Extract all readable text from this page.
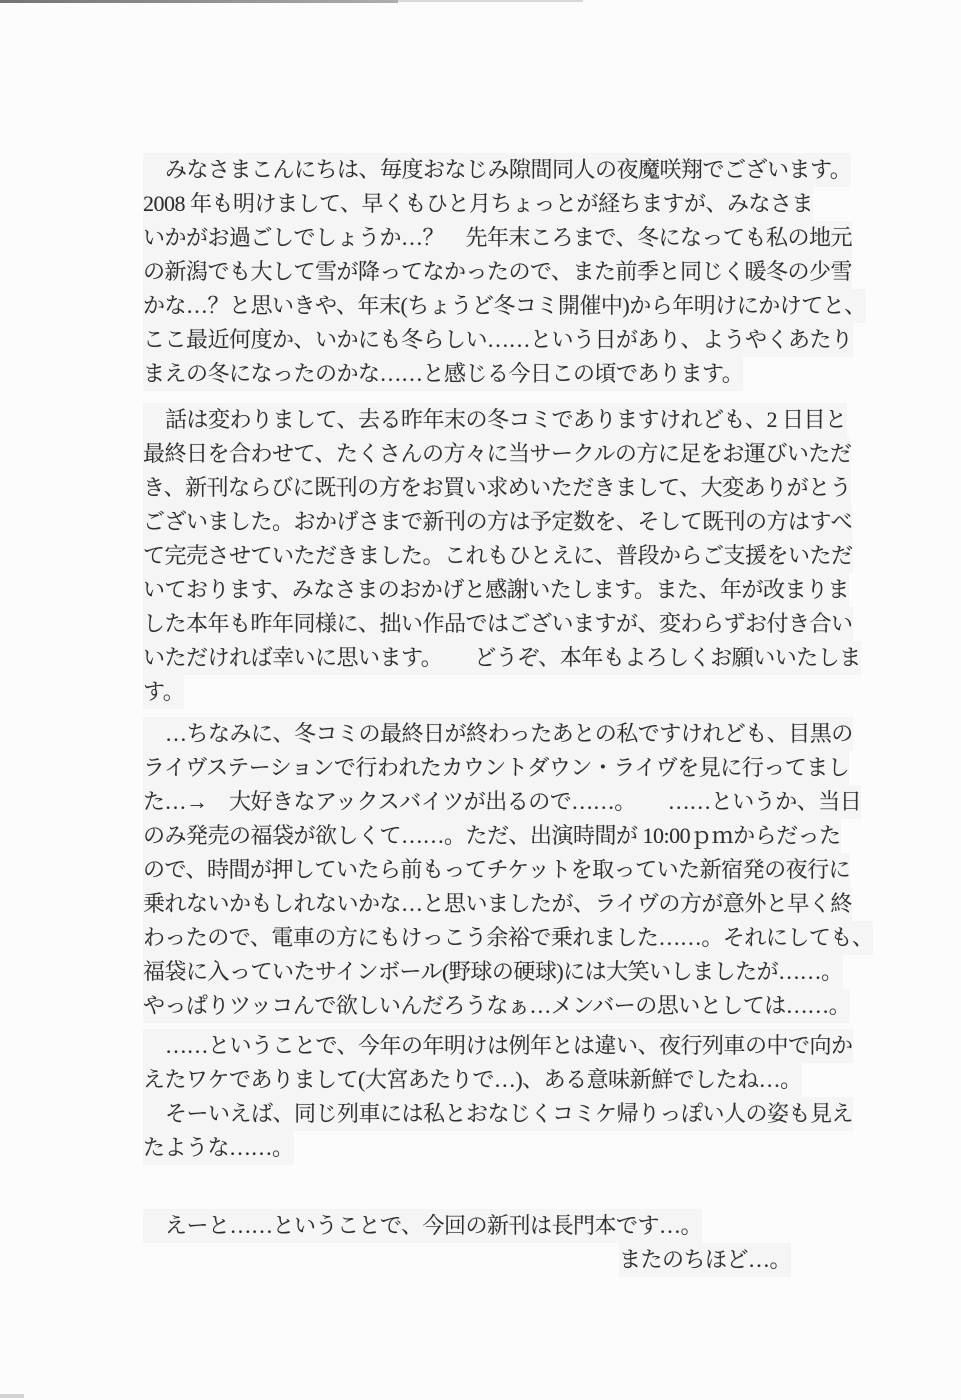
みなさまこんにちは、毎度おなじみ隙間同人の夜魔咲翔でございます。
2008 年も明けまして、早くもひと月ちょっとが経ちますが、みなさま
いかがお過ごしでしょうか…？　先年末ころまで、冬になっても私の地元
の新潟でも大して雪が降ってなかったので、また前季と同じく暖冬の少雪
かな…？と思いきや、年末(ちょうど冬コミ開催中)から年明けにかけてと、
ここ最近何度か、いかにも冬らしい……という日があり、ようやくあたり
まえの冬になったのかな……と感じる今日この頃であります。
話は変わりまして、去る昨年末の冬コミでありますけれども、2 日目と
最終日を合わせて、たくさんの方々に当サークルの方に足をお運びいただ
き、新刊ならびに既刊の方をお買い求めいただきまして、大変ありがとう
ございました。おかげさまで新刊の方は予定数を、そして既刊の方はすべ
て完売させていただきました。これもひとえに、普段からご支援をいただ
いております、みなさまのおかげと感謝いたします。また、年が改まりま
した本年も昨年同様に、拙い作品ではございますが、変わらずお付き合い
いただければ幸いに思います。　　どうぞ、本年もよろしくお願いいたしま
す。
…ちなみに、冬コミの最終日が終わったあとの私ですけれども、目黒の
ライヴステーションで行われたカウントダウン・ライヴを見に行ってまし
た…→　大好きなアックスバイツが出るので……。　　……というか、当日
のみ発売の福袋が欲しくて……。ただ、出演時間が 10:00ｐｍからだった
ので、時間が押していたら前もってチケットを取っていた新宿発の夜行に
乗れないかもしれないかな…と思いましたが、ライヴの方が意外と早く終
わったので、電車の方にもけっこう余裕で乗れました……。それにしても、
福袋に入っていたサインボール(野球の硬球)には大笑いしましたが……。
やっぱりツッコんで欲しいんだろうなぁ…メンバーの思いとしては……。
……ということで、今年の年明けは例年とは違い、夜行列車の中で向か
えたワケでありまして(大宮あたりで…)、ある意味新鮮でしたね…。
そーいえば、同じ列車には私とおなじくコミケ帰りっぽい人の姿も見え
たような……。
えーと……ということで、今回の新刊は長門本です…。
またのちほど…。
